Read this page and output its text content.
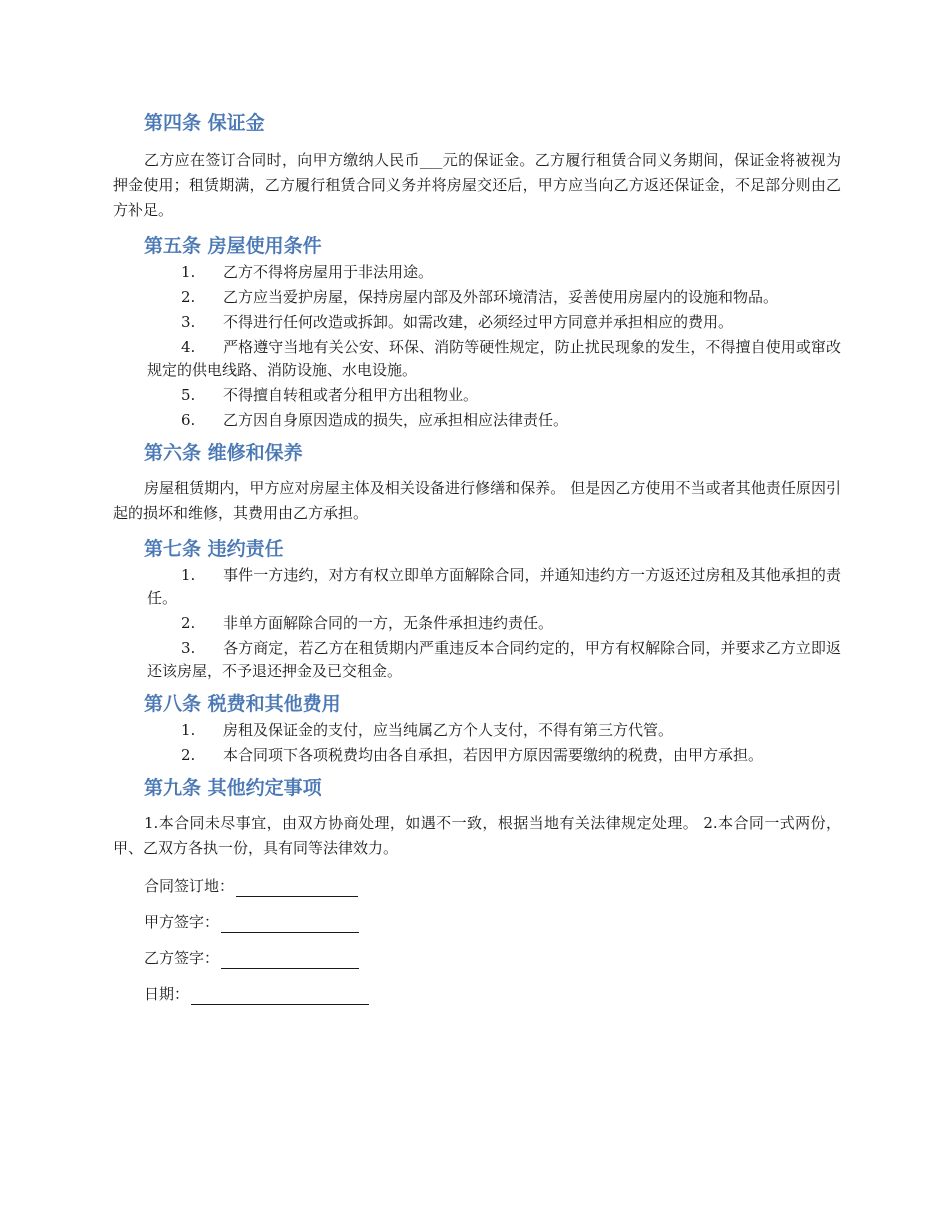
第四条 保证金

乙方应在签订合同时，向甲方缴纳人民币___元的保证金。乙方履行租赁合同义务期间，保证金将被视为押金使用；租赁期满，乙方履行租赁合同义务并将房屋交还后，甲方应当向乙方返还保证金，不足部分则由乙方补足。

第五条 房屋使用条件
1. 乙方不得将房屋用于非法用途。
2. 乙方应当爱护房屋，保持房屋内部及外部环境清洁，妥善使用房屋内的设施和物品。
3. 不得进行任何改造或拆卸。如需改建，必须经过甲方同意并承担相应的费用。
4. 严格遵守当地有关公安、环保、消防等硬性规定，防止扰民现象的发生，不得擅自使用或窜改规定的供电线路、消防设施、水电设施。
5. 不得擅自转租或者分租甲方出租物业。
6. 乙方因自身原因造成的损失，应承担相应法律责任。
第六条 维修和保养

房屋租赁期内，甲方应对房屋主体及相关设备进行修缮和保养。 但是因乙方使用不当或者其他责任原因引起的损坏和维修，其费用由乙方承担。

第七条 违约责任
1. 事件一方违约，对方有权立即单方面解除合同，并通知违约方一方返还过房租及其他承担的责任。
2. 非单方面解除合同的一方，无条件承担违约责任。
3. 各方商定，若乙方在租赁期内严重违反本合同约定的，甲方有权解除合同，并要求乙方立即返还该房屋，不予退还押金及已交租金。
第八条 税费和其他费用
1. 房租及保证金的支付，应当纯属乙方个人支付，不得有第三方代管。
2. 本合同项下各项税费均由各自承担，若因甲方原因需要缴纳的税费，由甲方承担。
第九条 其他约定事项

1.本合同未尽事宜，由双方协商处理，如遇不一致，根据当地有关法律规定处理。 2.本合同一式两份，甲、乙双方各执一份，具有同等法律效力。

合同签订地：

甲方签字：

乙方签字：

日期：
